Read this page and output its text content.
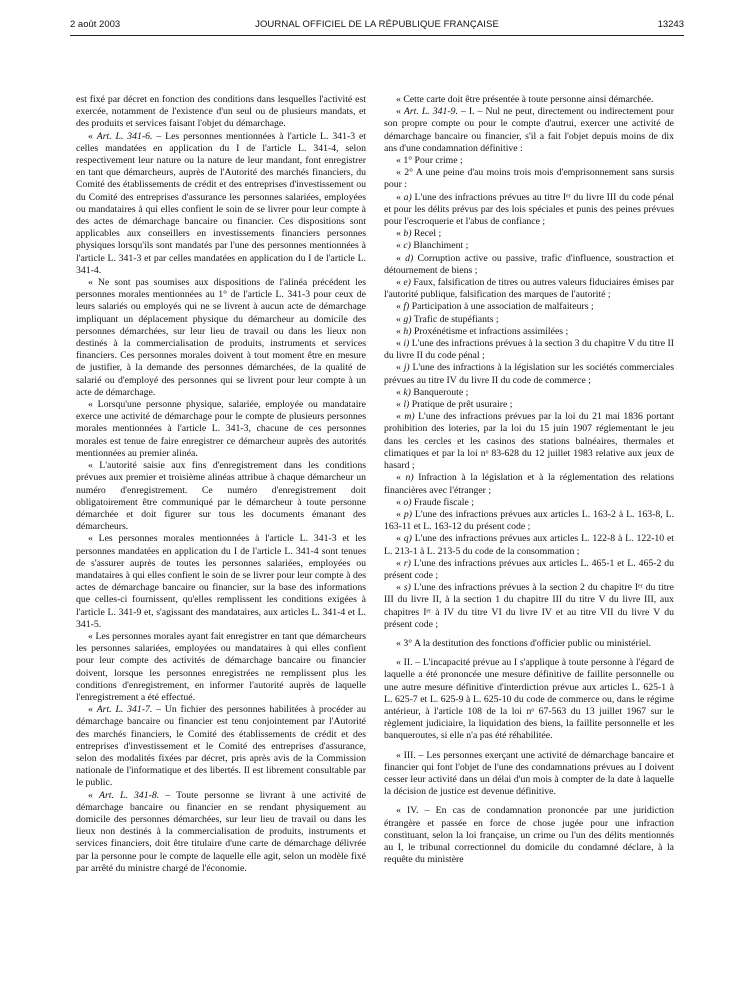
2 août 2003	JOURNAL OFFICIEL DE LA RÉPUBLIQUE FRANÇAISE	13243

est fixé par décret en fonction des conditions dans lesquelles l'activité est exercée, notamment de l'existence d'un seul ou de plusieurs mandats, et des produits et services faisant l'objet du démarchage.

« Art. L. 341-6. – Les personnes mentionnées à l'article L. 341-3 et celles mandatées en application du I de l'article L. 341-4, selon respectivement leur nature ou la nature de leur mandant, font enregistrer en tant que démarcheurs, auprès de l'Autorité des marchés financiers, du Comité des établissements de crédit et des entreprises d'investissement ou du Comité des entreprises d'assurance les personnes salariées, employées ou mandataires à qui elles confient le soin de se livrer pour leur compte à des actes de démarchage bancaire ou financier. Ces dispositions sont applicables aux conseillers en investissements financiers personnes physiques lorsqu'ils sont mandatés par l'une des personnes mentionnées à l'article L. 341-3 et par celles mandatées en application du I de l'article L. 341-4.

« Ne sont pas soumises aux dispositions de l'alinéa précédent les personnes morales mentionnées au 1° de l'article L. 341-3 pour ceux de leurs salariés ou employés qui ne se livrent à aucun acte de démarchage impliquant un déplacement physique du démarcheur au domicile des personnes démarchées, sur leur lieu de travail ou dans les lieux non destinés à la commercialisation de produits, instruments et services financiers. Ces personnes morales doivent à tout moment être en mesure de justifier, à la demande des personnes démarchées, de la qualité de salarié ou d'employé des personnes qui se livrent pour leur compte à un acte de démarchage.

« Lorsqu'une personne physique, salariée, employée ou mandataire exerce une activité de démarchage pour le compte de plusieurs personnes morales mentionnées à l'article L. 341-3, chacune de ces personnes morales est tenue de faire enregistrer ce démarcheur auprès des autorités mentionnées au premier alinéa.

« L'autorité saisie aux fins d'enregistrement dans les conditions prévues aux premier et troisième alinéas attribue à chaque démarcheur un numéro d'enregistrement. Ce numéro d'enregistrement doit obligatoirement être communiqué par le démarcheur à toute personne démarchée et doit figurer sur tous les documents émanant des démarcheurs.

« Les personnes morales mentionnées à l'article L. 341-3 et les personnes mandatées en application du I de l'article L. 341-4 sont tenues de s'assurer auprès de toutes les personnes salariées, employées ou mandataires à qui elles confient le soin de se livrer pour leur compte à des actes de démarchage bancaire ou financier, sur la base des informations que celles-ci fournissent, qu'elles remplissent les conditions exigées à l'article L. 341-9 et, s'agissant des mandataires, aux articles L. 341-4 et L. 341-5.

« Les personnes morales ayant fait enregistrer en tant que démarcheurs les personnes salariées, employées ou mandataires à qui elles confient pour leur compte des activités de démarchage bancaire ou financier doivent, lorsque les personnes enregistrées ne remplissent plus les conditions d'enregistrement, en informer l'autorité auprès de laquelle l'enregistrement a été effectué.

« Art. L. 341-7. – Un fichier des personnes habilitées à procéder au démarchage bancaire ou financier est tenu conjointement par l'Autorité des marchés financiers, le Comité des établissements de crédit et des entreprises d'investissement et le Comité des entreprises d'assurance, selon des modalités fixées par décret, pris après avis de la Commission nationale de l'informatique et des libertés. Il est librement consultable par le public.

« Art. L. 341-8. – Toute personne se livrant à une activité de démarchage bancaire ou financier en se rendant physiquement au domicile des personnes démarchées, sur leur lieu de travail ou dans les lieux non destinés à la commercialisation de produits, instruments et services financiers, doit être titulaire d'une carte de démarchage délivrée par la personne pour le compte de laquelle elle agit, selon un modèle fixé par arrêté du ministre chargé de l'économie.

« Cette carte doit être présentée à toute personne ainsi démarchée.

« Art. L. 341-9. – I. – Nul ne peut, directement ou indirectement pour son propre compte ou pour le compte d'autrui, exercer une activité de démarchage bancaire ou financier, s'il a fait l'objet depuis moins de dix ans d'une condamnation définitive :

« 1° Pour crime ;

« 2° A une peine d'au moins trois mois d'emprisonnement sans sursis pour :

« a) L'une des infractions prévues au titre Iᵉʳ du livre III du code pénal et pour les délits prévus par des lois spéciales et punis des peines prévues pour l'escroquerie et l'abus de confiance ;

« b) Recel ;

« c) Blanchiment ;

« d) Corruption active ou passive, trafic d'influence, soustraction et détournement de biens ;

« e) Faux, falsification de titres ou autres valeurs fiduciaires émises par l'autorité publique, falsification des marques de l'autorité ;

« f) Participation à une association de malfaiteurs ;

« g) Trafic de stupéfiants ;

« h) Proxénétisme et infractions assimilées ;

« i) L'une des infractions prévues à la section 3 du chapitre V du titre II du livre II du code pénal ;

« j) L'une des infractions à la législation sur les sociétés commerciales prévues au titre IV du livre II du code de commerce ;

« k) Banqueroute ;

« l) Pratique de prêt usuraire ;

« m) L'une des infractions prévues par la loi du 21 mai 1836 portant prohibition des loteries, par la loi du 15 juin 1907 réglementant le jeu dans les cercles et les casinos des stations balnéaires, thermales et climatiques et par la loi nᵒ 83-628 du 12 juillet 1983 relative aux jeux de hasard ;

« n) Infraction à la législation et à la réglementation des relations financières avec l'étranger ;

« o) Fraude fiscale ;

« p) L'une des infractions prévues aux articles L. 163-2 à L. 163-8, L. 163-11 et L. 163-12 du présent code ;

« q) L'une des infractions prévues aux articles L. 122-8 à L. 122-10 et L. 213-1 à L. 213-5 du code de la consommation ;

« r) L'une des infractions prévues aux articles L. 465-1 et L. 465-2 du présent code ;

« s) L'une des infractions prévues à la section 2 du chapitre Iᵉʳ du titre III du livre II, à la section 1 du chapitre III du titre V du livre III, aux chapitres Iᵉʳ à IV du titre VI du livre IV et au titre VII du livre V du présent code ;

« 3° A la destitution des fonctions d'officier public ou ministériel.

« II. – L'incapacité prévue au I s'applique à toute personne à l'égard de laquelle a été prononcée une mesure définitive de faillite personnelle ou une autre mesure définitive d'interdiction prévue aux articles L. 625-1 à L. 625-7 et L. 625-9 à L. 625-10 du code de commerce ou, dans le régime antérieur, à l'article 108 de la loi nᵒ 67-563 du 13 juillet 1967 sur le règlement judiciaire, la liquidation des biens, la faillite personnelle et les banqueroutes, si elle n'a pas été réhabilitée.

« III. – Les personnes exerçant une activité de démarchage bancaire et financier qui font l'objet de l'une des condamnations prévues au I doivent cesser leur activité dans un délai d'un mois à compter de la date à laquelle la décision de justice est devenue définitive.

« IV. – En cas de condamnation prononcée par une juridiction étrangère et passée en force de chose jugée pour une infraction constituant, selon la loi française, un crime ou l'un des délits mentionnés au I, le tribunal correctionnel du domicile du condamné déclare, à la requête du ministère
